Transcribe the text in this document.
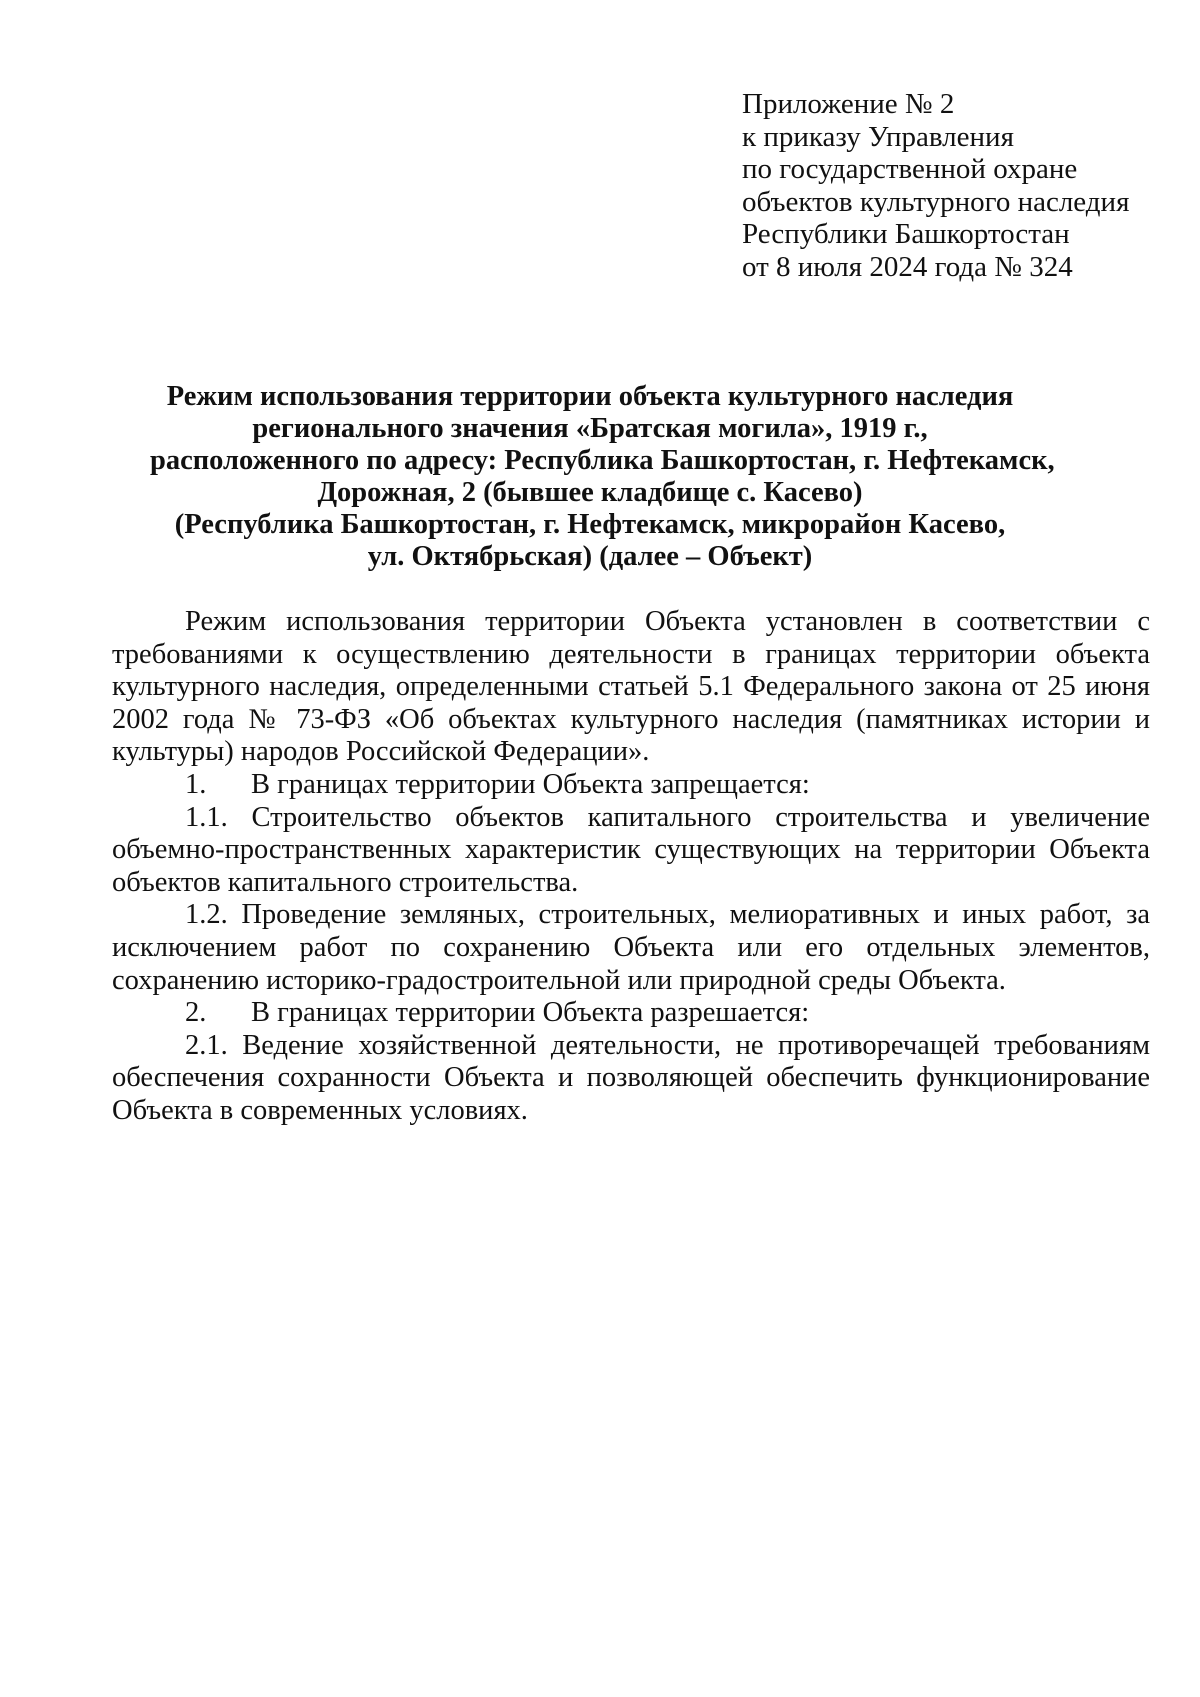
Приложение № 2
к приказу Управления
по государственной охране
объектов культурного наследия
Республики Башкортостан
от 8 июля 2024 года № 324
Режим использования территории объекта культурного наследия
регионального значения «Братская могила», 1919 г.,
расположенного по адресу: Республика Башкортостан, г. Нефтекамск,
Дорожная, 2 (бывшее кладбище с. Касево)
(Республика Башкортостан, г. Нефтекамск, микрорайон Касево,
ул. Октябрьская) (далее – Объект)

Режим использования территории Объекта установлен в соответствии с требованиями к осуществлению деятельности в границах территории объекта культурного наследия, определенными статьей 5.1 Федерального закона от 25 июня 2002 года № 73-ФЗ «Об объектах культурного наследия (памятниках истории и культуры) народов Российской Федерации».

1. В границах территории Объекта запрещается:

1.1. Строительство объектов капитального строительства и увеличение объемно-пространственных характеристик существующих на территории Объекта объектов капитального строительства.

1.2. Проведение земляных, строительных, мелиоративных и иных работ, за исключением работ по сохранению Объекта или его отдельных элементов, сохранению историко-градостроительной или природной среды Объекта.

2. В границах территории Объекта разрешается:

2.1. Ведение хозяйственной деятельности, не противоречащей требованиям обеспечения сохранности Объекта и позволяющей обеспечить функционирование Объекта в современных условиях.
